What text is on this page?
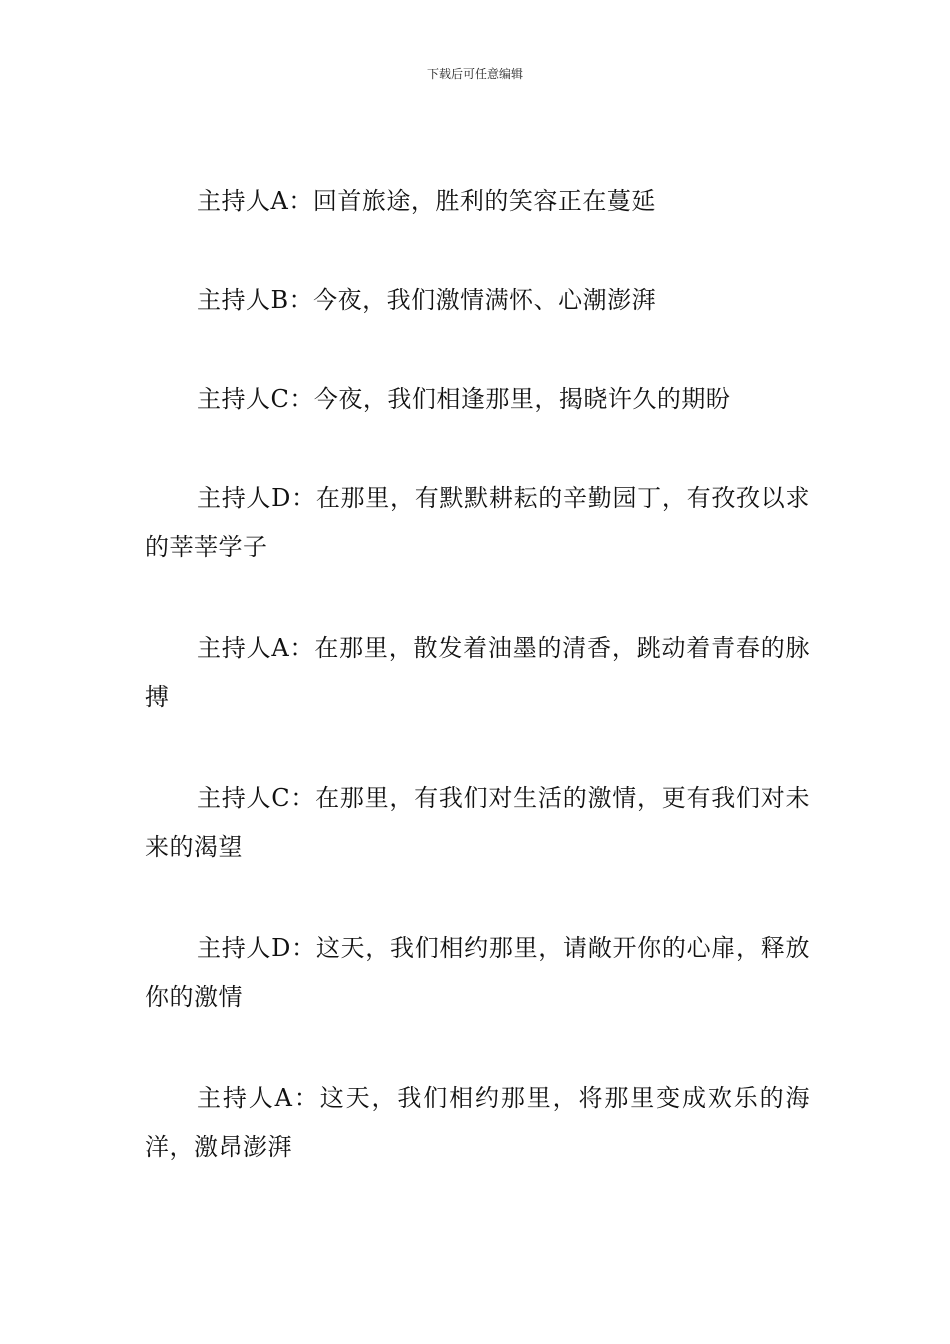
下载后可任意编辑

主持人A：回首旅途，胜利的笑容正在蔓延

主持人B：今夜，我们激情满怀、心潮澎湃

主持人C：今夜，我们相逢那里，揭晓许久的期盼

主持人D：在那里，有默默耕耘的辛勤园丁，有孜孜以求的莘莘学子

主持人A：在那里，散发着油墨的清香，跳动着青春的脉搏

主持人C：在那里，有我们对生活的激情，更有我们对未来的渴望

主持人D：这天，我们相约那里，请敞开你的心扉，释放你的激情

主持人A：这天，我们相约那里，将那里变成欢乐的海洋，激昂澎湃
